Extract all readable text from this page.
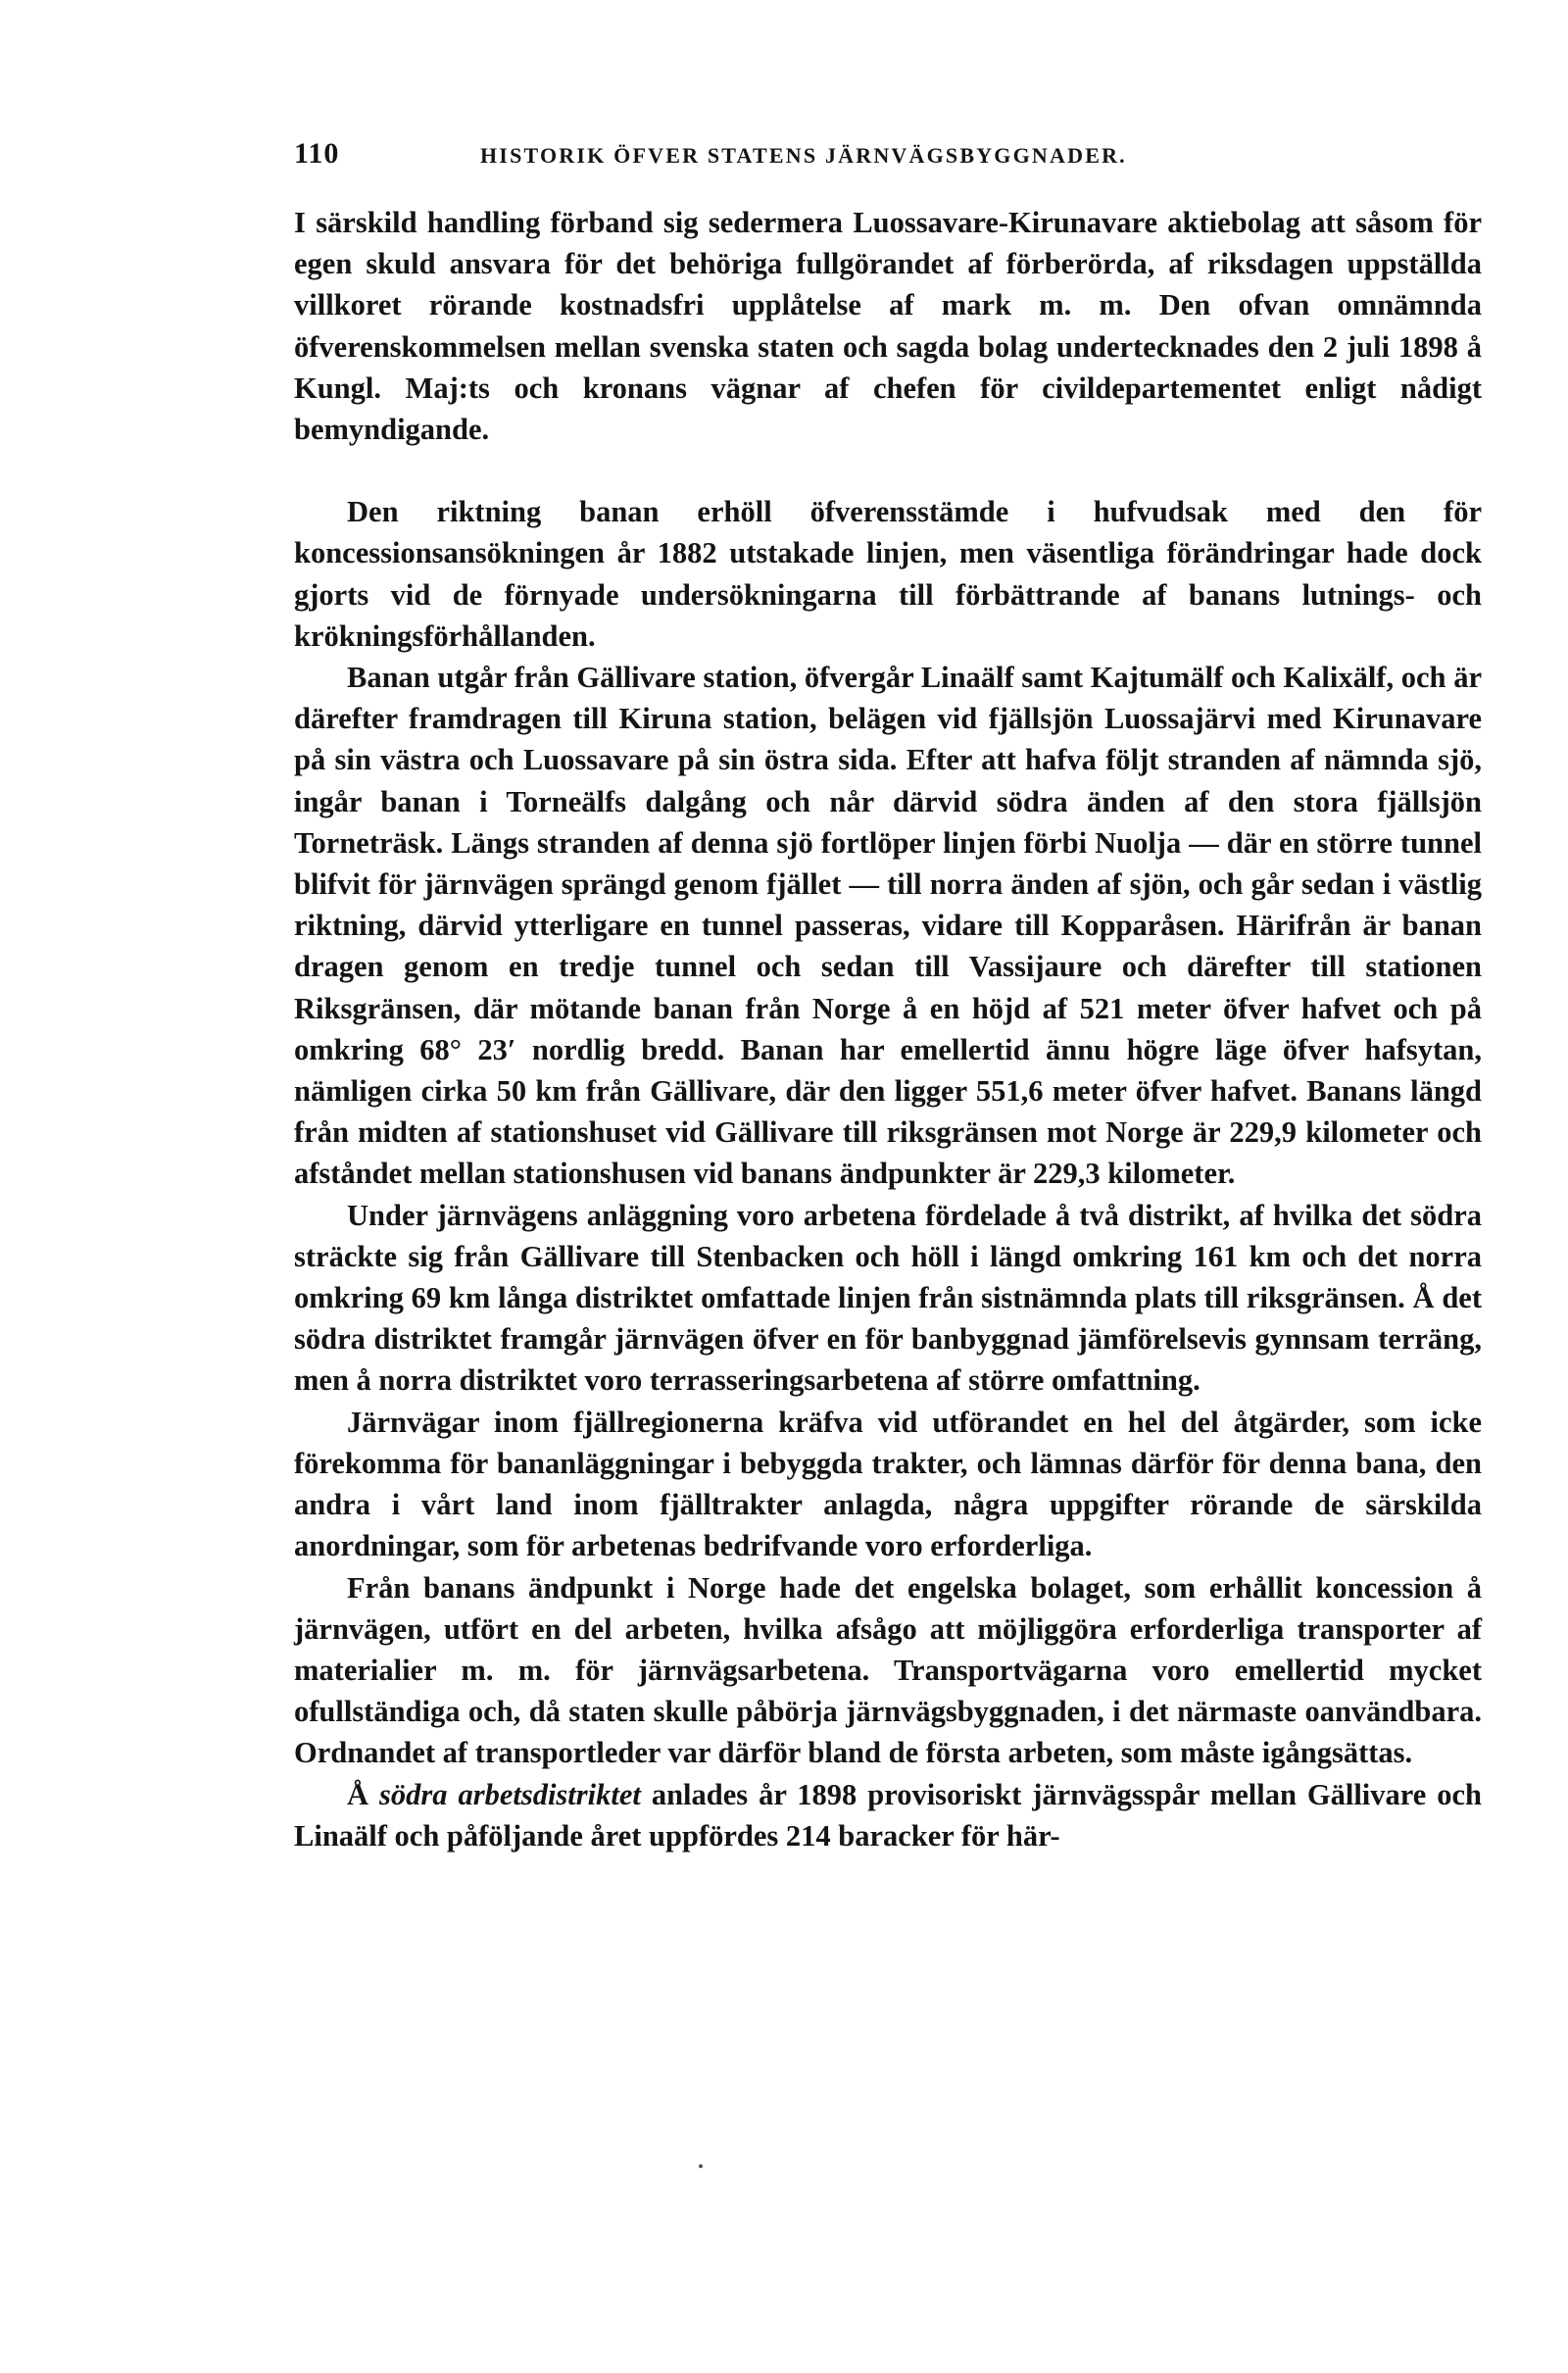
110	HISTORIK ÖFVER STATENS JÄRNVÄGSBYGGNADER.

I särskild handling förband sig sedermera Luossavare-Kirunavare aktiebolag att såsom för egen skuld ansvara för det behöriga fullgörandet af förberörda, af riksdagen uppställda villkoret rörande kostnadsfri upplåtelse af mark m. m. Den ofvan omnämnda öfverenskommelsen mellan svenska staten och sagda bolag undertecknades den 2 juli 1898 å Kungl. Maj:ts och kronans vägnar af chefen för civildepartementet enligt nådigt bemyndigande.

Den riktning banan erhöll öfverensstämde i hufvudsak med den för koncessionsansökningen år 1882 utstakade linjen, men väsentliga förändringar hade dock gjorts vid de förnyade undersökningarna till förbättrande af banans lutnings- och krökningsförhållanden.

Banan utgår från Gällivare station, öfvergår Linaälf samt Kajtumälf och Kalixälf, och är därefter framdragen till Kiruna station, belägen vid fjällsjön Luossajärvi med Kirunavare på sin västra och Luossavare på sin östra sida. Efter att hafva följt stranden af nämnda sjö, ingår banan i Torneälfs dalgång och når därvid södra änden af den stora fjällsjön Torneträsk. Längs stranden af denna sjö fortlöper linjen förbi Nuolja — där en större tunnel blifvit för järnvägen sprängd genom fjället — till norra änden af sjön, och går sedan i västlig riktning, därvid ytterligare en tunnel passeras, vidare till Kopparåsen. Härifrån är banan dragen genom en tredje tunnel och sedan till Vassijaure och därefter till stationen Riksgränsen, där mötande banan från Norge å en höjd af 521 meter öfver hafvet och på omkring 68° 23′ nordlig bredd. Banan har emellertid ännu högre läge öfver hafsytan, nämligen cirka 50 km från Gällivare, där den ligger 551,6 meter öfver hafvet. Banans längd från midten af stationshuset vid Gällivare till riksgränsen mot Norge är 229,9 kilometer och afståndet mellan stationshusen vid banans ändpunkter är 229,3 kilometer.

Under järnvägens anläggning voro arbetena fördelade å två distrikt, af hvilka det södra sträckte sig från Gällivare till Stenbacken och höll i längd omkring 161 km och det norra omkring 69 km långa distriktet omfattade linjen från sistnämnda plats till riksgränsen. Å det södra distriktet framgår järnvägen öfver en för banbyggnad jämförelsevis gynnsam terräng, men å norra distriktet voro terrasseringsarbetena af större omfattning.

Järnvägar inom fjällregionerna kräfva vid utförandet en hel del åtgärder, som icke förekomma för bananläggningar i bebyggda trakter, och lämnas därför för denna bana, den andra i vårt land inom fjälltrakter anlagda, några uppgifter rörande de särskilda anordningar, som för arbetenas bedrifvande voro erforderliga.

Från banans ändpunkt i Norge hade det engelska bolaget, som erhållit koncession å järnvägen, utfört en del arbeten, hvilka afsågo att möjliggöra erforderliga transporter af materialier m. m. för järnvägsarbetena. Transportvägarna voro emellertid mycket ofullständiga och, då staten skulle påbörja järnvägsbyggnaden, i det närmaste oanvändbara. Ordnandet af transportleder var därför bland de första arbeten, som måste igångsättas.

Å södra arbetsdistriktet anlades år 1898 provisoriskt järnvägsspår mellan Gällivare och Linaälf och påföljande året uppfördes 214 baracker för här-
